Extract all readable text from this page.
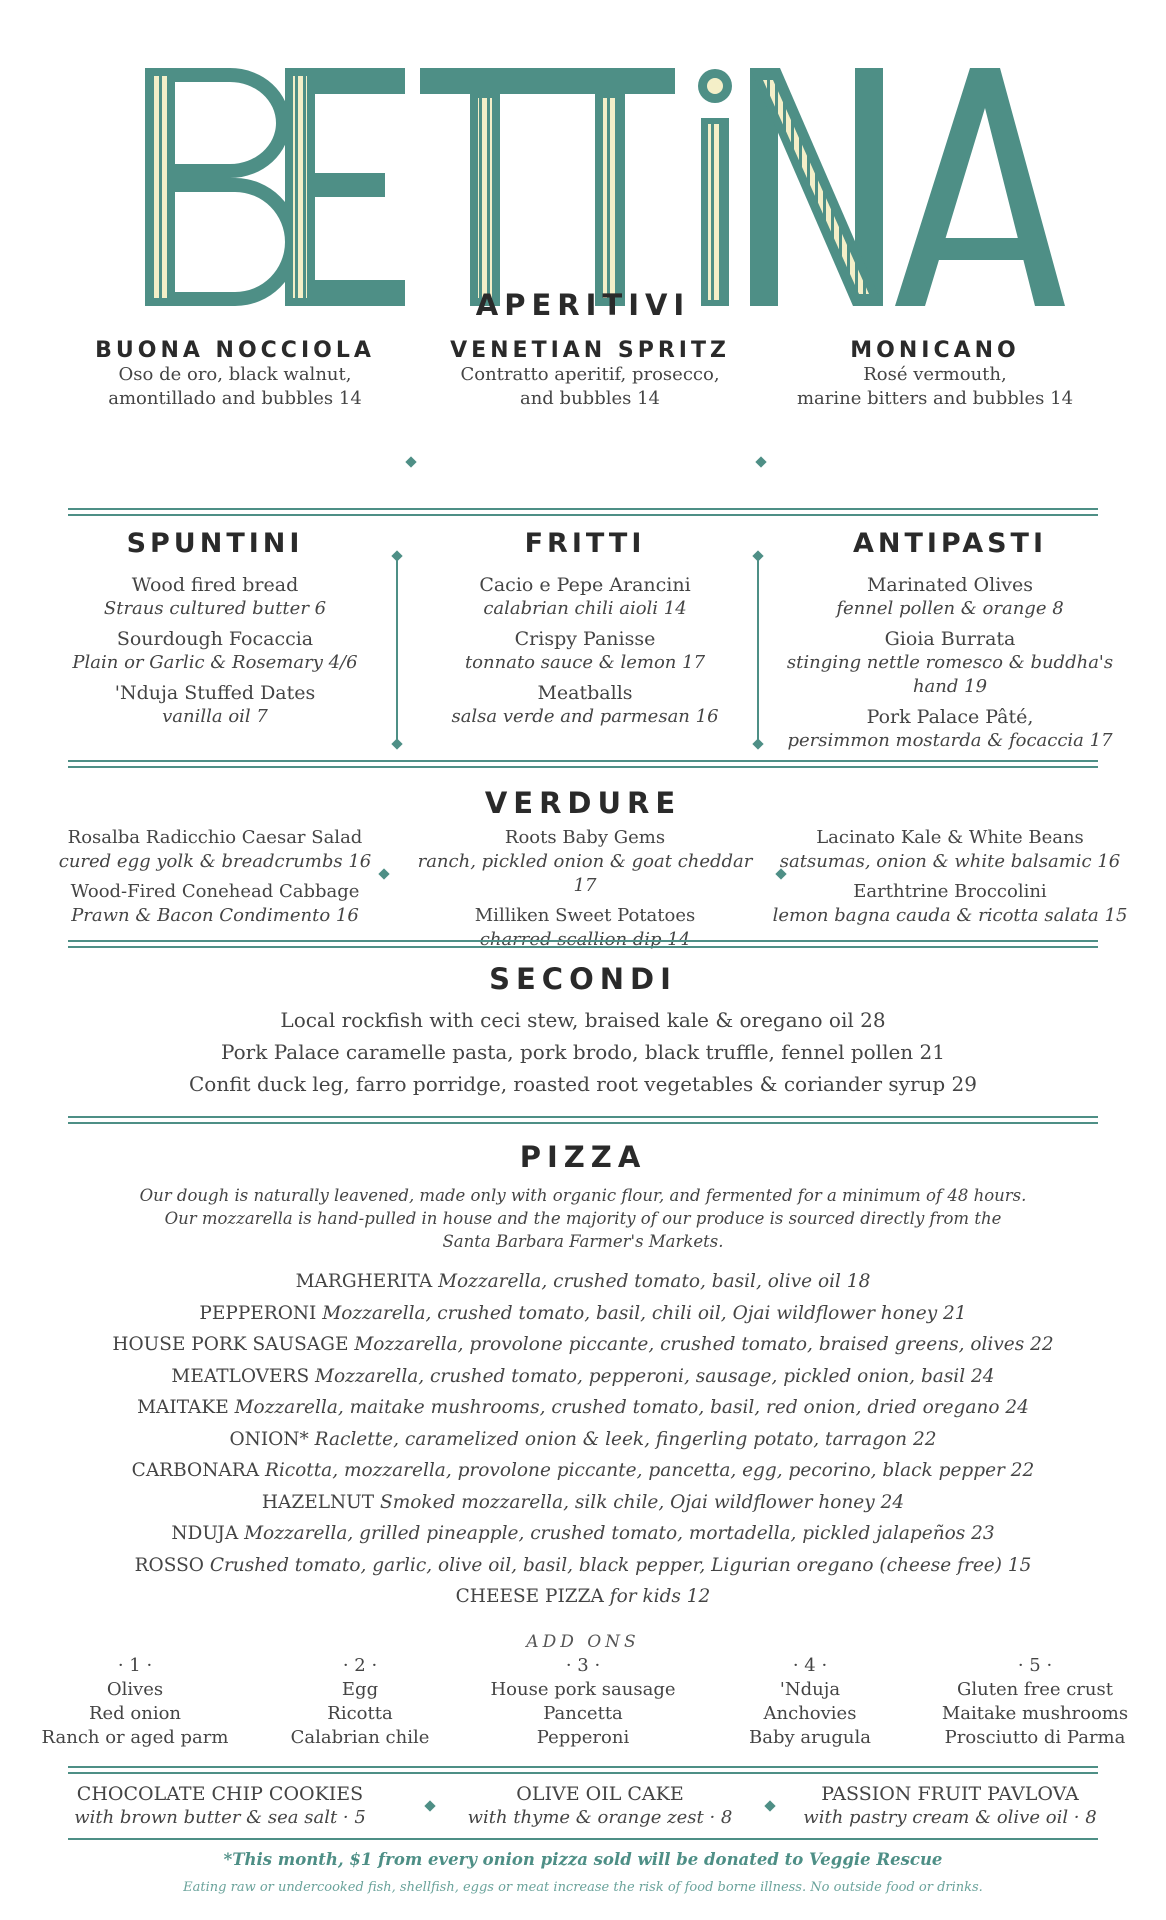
APERITIVI
BUONA NOCCIOLA
Oso de oro, black walnut,
amontillado and bubbles 14
VENETIAN SPRITZ
Contratto aperitif, prosecco,
and bubbles 14
MONICANO
Rosé vermouth,
marine bitters and bubbles 14
SPUNTINI
Wood fired bread
Straus cultured butter 6
Sourdough Focaccia
Plain or Garlic & Rosemary 4/6
'Nduja Stuffed Dates
vanilla oil 7
FRITTI
Cacio e Pepe Arancini
calabrian chili aioli 14
Crispy Panisse
tonnato sauce & lemon 17
Meatballs
salsa verde and parmesan 16
ANTIPASTI
Marinated Olives
fennel pollen & orange 8
Gioia Burrata
stinging nettle romesco & buddha's hand 19
Pork Palace Pâté,
persimmon mostarda & focaccia 17
VERDURE
Rosalba Radicchio Caesar Salad
cured egg yolk & breadcrumbs 16
Wood-Fired Conehead Cabbage
Prawn & Bacon Condimento 16
Roots Baby Gems
ranch, pickled onion & goat cheddar 17
Milliken Sweet Potatoes
charred scallion dip 14
Lacinato Kale & White Beans
satsumas, onion & white balsamic 16
Earthtrine Broccolini
lemon bagna cauda & ricotta salata 15
SECONDI
Local rockfish with ceci stew, braised kale & oregano oil 28
Pork Palace caramelle pasta, pork brodo, black truffle, fennel pollen 21
Confit duck leg, farro porridge, roasted root vegetables & coriander syrup 29
PIZZA
Our dough is naturally leavened, made only with organic flour, and fermented for a minimum of 48 hours.
Our mozzarella is hand-pulled in house and the majority of our produce is sourced directly from the
Santa Barbara Farmer's Markets.
MARGHERITA Mozzarella, crushed tomato, basil, olive oil 18
PEPPERONI Mozzarella, crushed tomato, basil, chili oil, Ojai wildflower honey 21
HOUSE PORK SAUSAGE Mozzarella, provolone piccante, crushed tomato, braised greens, olives 22
MEATLOVERS Mozzarella, crushed tomato, pepperoni, sausage, pickled onion, basil 24
MAITAKE Mozzarella, maitake mushrooms, crushed tomato, basil, red onion, dried oregano 24
ONION* Raclette, caramelized onion & leek, fingerling potato, tarragon 22
CARBONARA Ricotta, mozzarella, provolone piccante, pancetta, egg, pecorino, black pepper 22
HAZELNUT Smoked mozzarella, silk chile, Ojai wildflower honey 24
NDUJA Mozzarella, grilled pineapple, crushed tomato, mortadella, pickled jalapeños 23
ROSSO Crushed tomato, garlic, olive oil, basil, black pepper, Ligurian oregano (cheese free) 15
CHEESE PIZZA for kids 12
ADD ONS
· 1 ·
Olives
Red onion
Ranch or aged parm
· 2 ·
Egg
Ricotta
Calabrian chile
· 3 ·
House pork sausage
Pancetta
Pepperoni
· 4 ·
'Nduja
Anchovies
Baby arugula
· 5 ·
Gluten free crust
Maitake mushrooms
Prosciutto di Parma
CHOCOLATE CHIP COOKIES
with brown butter & sea salt · 5
OLIVE OIL CAKE
with thyme & orange zest · 8
PASSION FRUIT PAVLOVA
with pastry cream & olive oil · 8
*This month, $1 from every onion pizza sold will be donated to Veggie Rescue
Eating raw or undercooked fish, shellfish, eggs or meat increase the risk of food borne illness. No outside food or drinks.
